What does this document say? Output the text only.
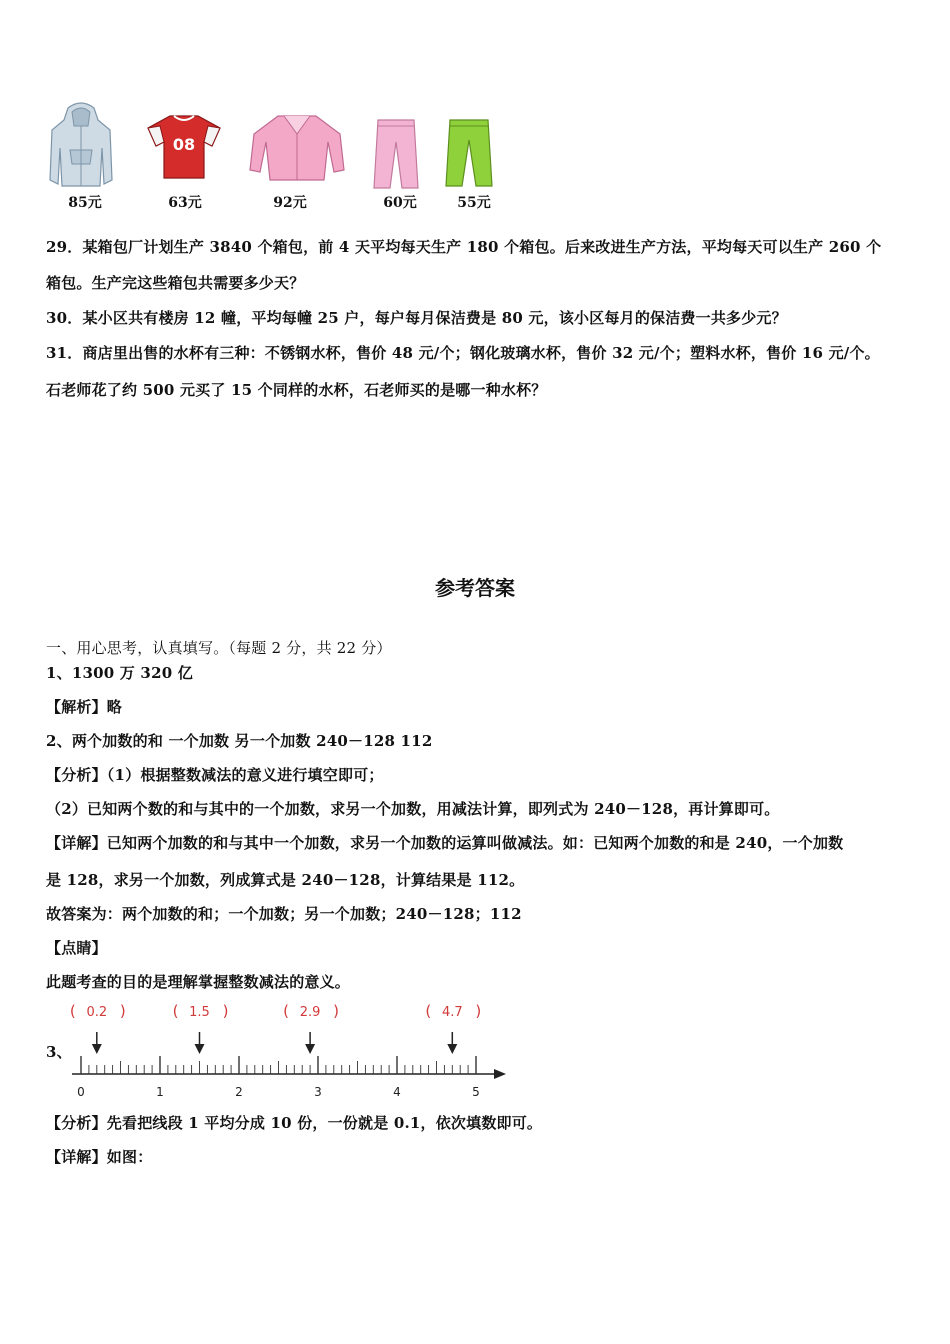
08
85元	63元	92元	60元	55元
29．某箱包厂计划生产 3840 个箱包，前 4 天平均每天生产 180 个箱包。后来改进生产方法，平均每天可以生产 260 个
箱包。生产完这些箱包共需要多少天？
30．某小区共有楼房 12 幢，平均每幢 25 户，每户每月保洁费是 80 元，该小区每月的保洁费一共多少元？
31．商店里出售的水杯有三种：不锈钢水杯，售价 48 元/个；钢化玻璃水杯，售价 32 元/个；塑料水杯，售价 16 元/个。
石老师花了约 500 元买了 15 个同样的水杯，石老师买的是哪一种水杯？
参考答案
一、用心思考，认真填写。（每题 2 分，共 22 分）
1、1300 万 320 亿
【解析】略
2、两个加数的和 一个加数 另一个加数 240－128 112
【分析】（1）根据整数减法的意义进行填空即可；
（2）已知两个数的和与其中的一个加数，求另一个加数，用减法计算，即列式为 240－128，再计算即可。
【详解】已知两个加数的和与其中一个加数，求另一个加数的运算叫做减法。如：已知两个加数的和是 240，一个加数
是 128，求另一个加数，列成算式是 240－128，计算结果是 112。
故答案为：两个加数的和；一个加数；另一个加数；240－128；112
【点睛】
此题考查的目的是理解掌握整数减法的意义。
3、
0	1	2	3	4	5
( 0.2 )	( 1.5 )	( 2.9 )	( 4.7 )
【分析】先看把线段 1 平均分成 10 份，一份就是 0.1，依次填数即可。
【详解】如图：
